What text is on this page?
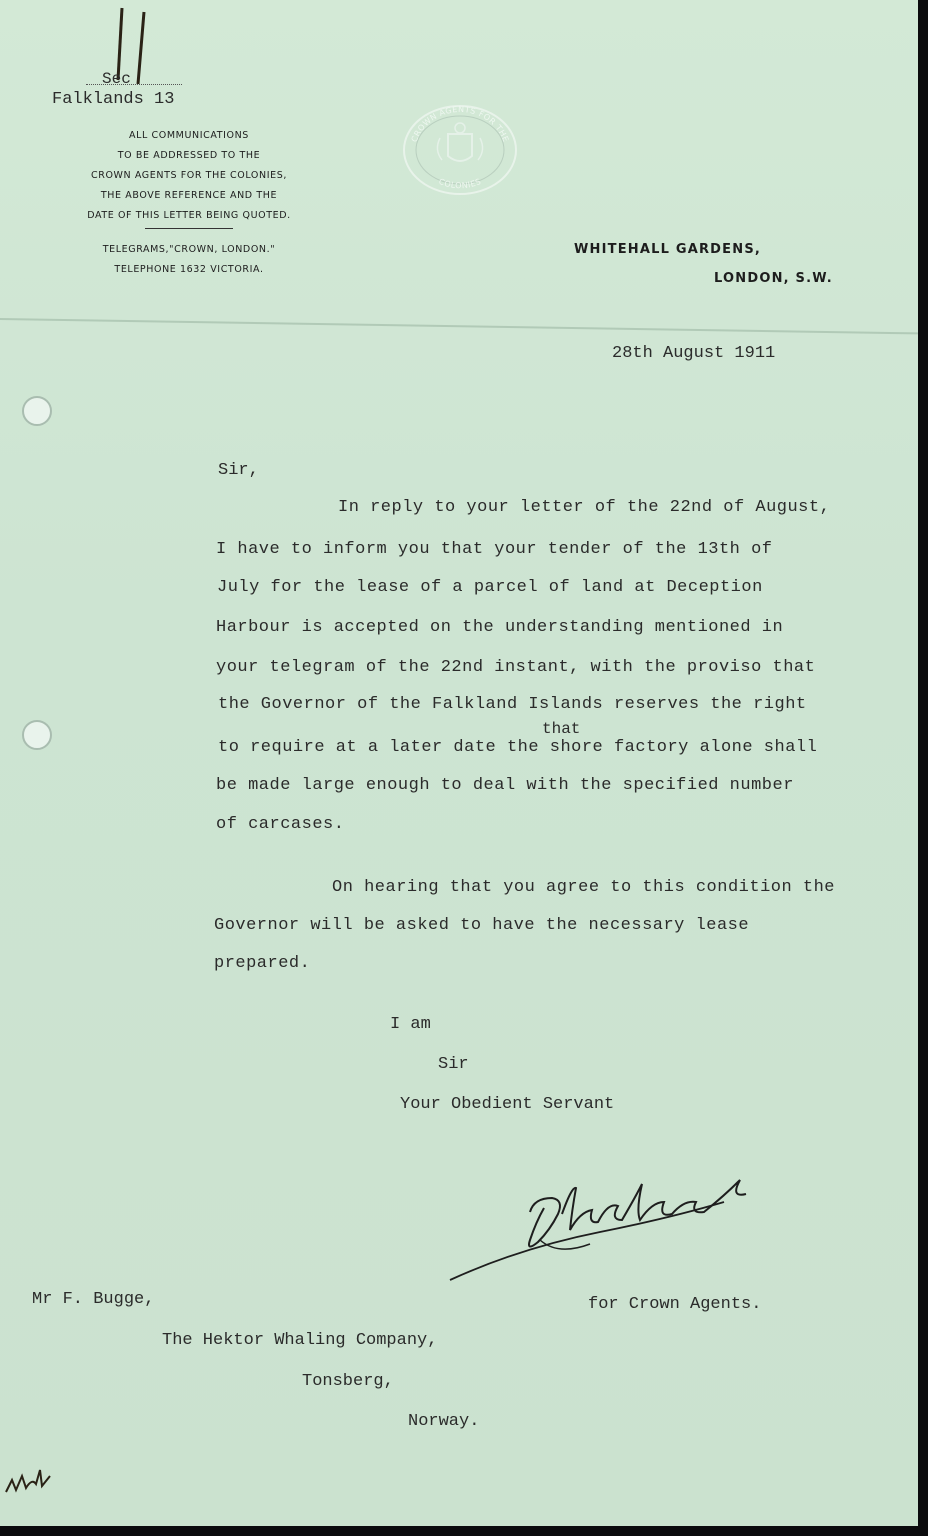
Sec
Falklands 13
ALL COMMUNICATIONS
TO BE ADDRESSED TO THE
CROWN AGENTS FOR THE COLONIES,
THE ABOVE REFERENCE AND THE
DATE OF THIS LETTER BEING QUOTED.
TELEGRAMS,"CROWN, LONDON."
TELEPHONE 1632 VICTORIA.
CROWN AGENTS FOR THE
COLONIES
WHITEHALL GARDENS,
LONDON, S.W.
28th August 1911
Sir,
In reply to your letter of the 22nd of August,
I have to inform you that your tender of the 13th of
July for the lease of a parcel of land at Deception
Harbour is accepted on the understanding mentioned in
your telegram of the 22nd instant, with the proviso that
the Governor of the Falkland Islands reserves the right
that
to require at a later date the shore factory alone shall
be made large enough to deal with the specified number
of carcases.
On hearing that you agree to this condition the
Governor will be asked to have the necessary lease
prepared.
I am
Sir
Your Obedient Servant
Mr F. Bugge,	for Crown Agents.
The Hektor Whaling Company,
Tonsberg,
Norway.
